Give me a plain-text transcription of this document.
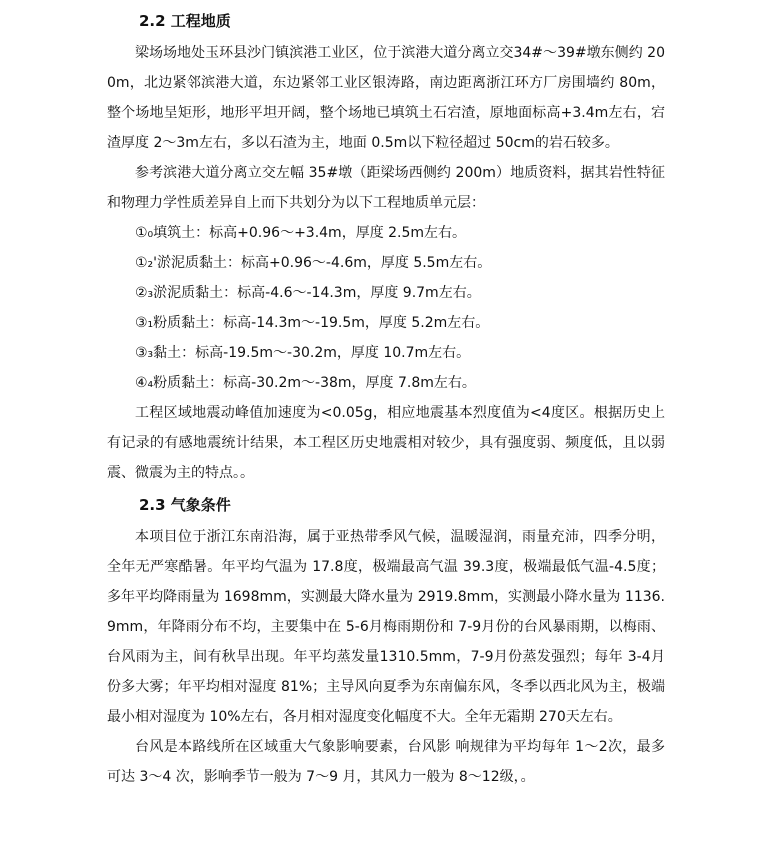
2.2 工程地质

梁场场地处玉环县沙门镇滨港工业区，位于滨港大道分离立交34#～39#墩东侧约 200m，北边紧邻滨港大道，东边紧邻工业区银涛路，南边距离浙江环方厂房围墙约 80m，整个场地呈矩形，地形平坦开阔，整个场地已填筑土石宕渣，原地面标高+3.4m左右，宕渣厚度 2～3m左右，多以石渣为主，地面 0.5m以下粒径超过 50cm的岩石较多。

参考滨港大道分离立交左幅 35#墩（距梁场西侧约 200m）地质资料，据其岩性特征和物理力学性质差异自上而下共划分为以下工程地质单元层：

①₀填筑土：标高+0.96～+3.4m，厚度 2.5m左右。

①₂'淤泥质黏土：标高+0.96～-4.6m，厚度 5.5m左右。

②₃淤泥质黏土：标高-4.6～-14.3m，厚度 9.7m左右。

③₁粉质黏土：标高-14.3m～-19.5m，厚度 5.2m左右。

③₃黏土：标高-19.5m～-30.2m，厚度 10.7m左右。

④₄粉质黏土：标高-30.2m～-38m，厚度 7.8m左右。

工程区域地震动峰值加速度为<0.05g，相应地震基本烈度值为<4度区。根据历史上有记录的有感地震统计结果，本工程区历史地震相对较少，具有强度弱、频度低，且以弱震、微震为主的特点。。

2.3 气象条件

本项目位于浙江东南沿海，属于亚热带季风气候，温暖湿润，雨量充沛，四季分明，全年无严寒酷暑。年平均气温为 17.8度，极端最高气温 39.3度，极端最低气温-4.5度；多年平均降雨量为 1698mm，实测最大降水量为 2919.8mm，实测最小降水量为 1136.9mm，年降雨分布不均，主要集中在 5-6月梅雨期份和 7-9月份的台风暴雨期，以梅雨、台风雨为主，间有秋旱出现。年平均蒸发量1310.5mm，7-9月份蒸发强烈；每年 3-4月份多大雾；年平均相对湿度 81%；主导风向夏季为东南偏东风，冬季以西北风为主，极端最小相对湿度为 10%左右，各月相对湿度变化幅度不大。全年无霜期 270天左右。

台风是本路线所在区域重大气象影响要素，台风影 响规律为平均每年 1～2次，最多可达 3～4 次，影响季节一般为 7～9 月，其风力一般为 8～12级，。
